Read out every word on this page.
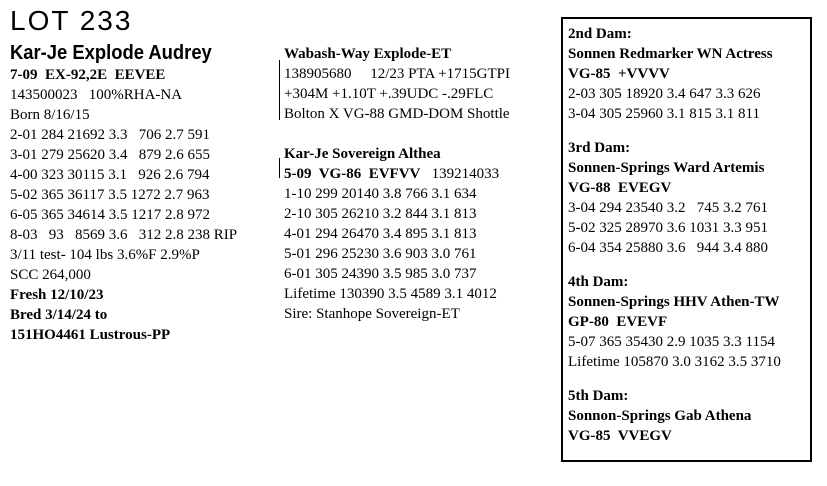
LOT 233
Kar-Je Explode Audrey
7-09  EX-92,2E  EEVEE
143500023   100%RHA-NA
Born 8/16/15
2-01 284 21692 3.3   706 2.7 591
3-01 279 25620 3.4   879 2.6 655
4-00 323 30115 3.1   926 2.6 794
5-02 365 36117 3.5 1272 2.7 963
6-05 365 34614 3.5 1217 2.8 972
8-03   93   8569 3.6   312 2.8 238 RIP
3/11 test- 104 lbs 3.6%F 2.9%P
SCC 264,000
Fresh 12/10/23
Bred 3/14/24 to
151HO4461 Lustrous-PP
Wabash-Way Explode-ET
138905680     12/23 PTA +1715GTPI
+304M +1.10T +.39UDC -.29FLC
Bolton X VG-88 GMD-DOM Shottle
Kar-Je Sovereign Althea
5-09  VG-86  EVFVV   139214033
1-10 299 20140 3.8 766 3.1 634
2-10 305 26210 3.2 844 3.1 813
4-01 294 26470 3.4 895 3.1 813
5-01 296 25230 3.6 903 3.0 761
6-01 305 24390 3.5 985 3.0 737
Lifetime 130390 3.5 4589 3.1 4012
Sire: Stanhope Sovereign-ET
2nd Dam:
Sonnen Redmarker WN Actress
VG-85  +VVVV
2-03 305 18920 3.4 647 3.3 626
3-04 305 25960 3.1 815 3.1 811
3rd Dam:
Sonnen-Springs Ward Artemis
VG-88  EVEGV
3-04 294 23540 3.2   745 3.2 761
5-02 325 28970 3.6 1031 3.3 951
6-04 354 25880 3.6   944 3.4 880
4th Dam:
Sonnen-Springs HHV Athen-TW
GP-80  EVEVF
5-07 365 35430 2.9 1035 3.3 1154
Lifetime 105870 3.0 3162 3.5 3710
5th Dam:
Sonnon-Springs Gab Athena
VG-85  VVEGV
